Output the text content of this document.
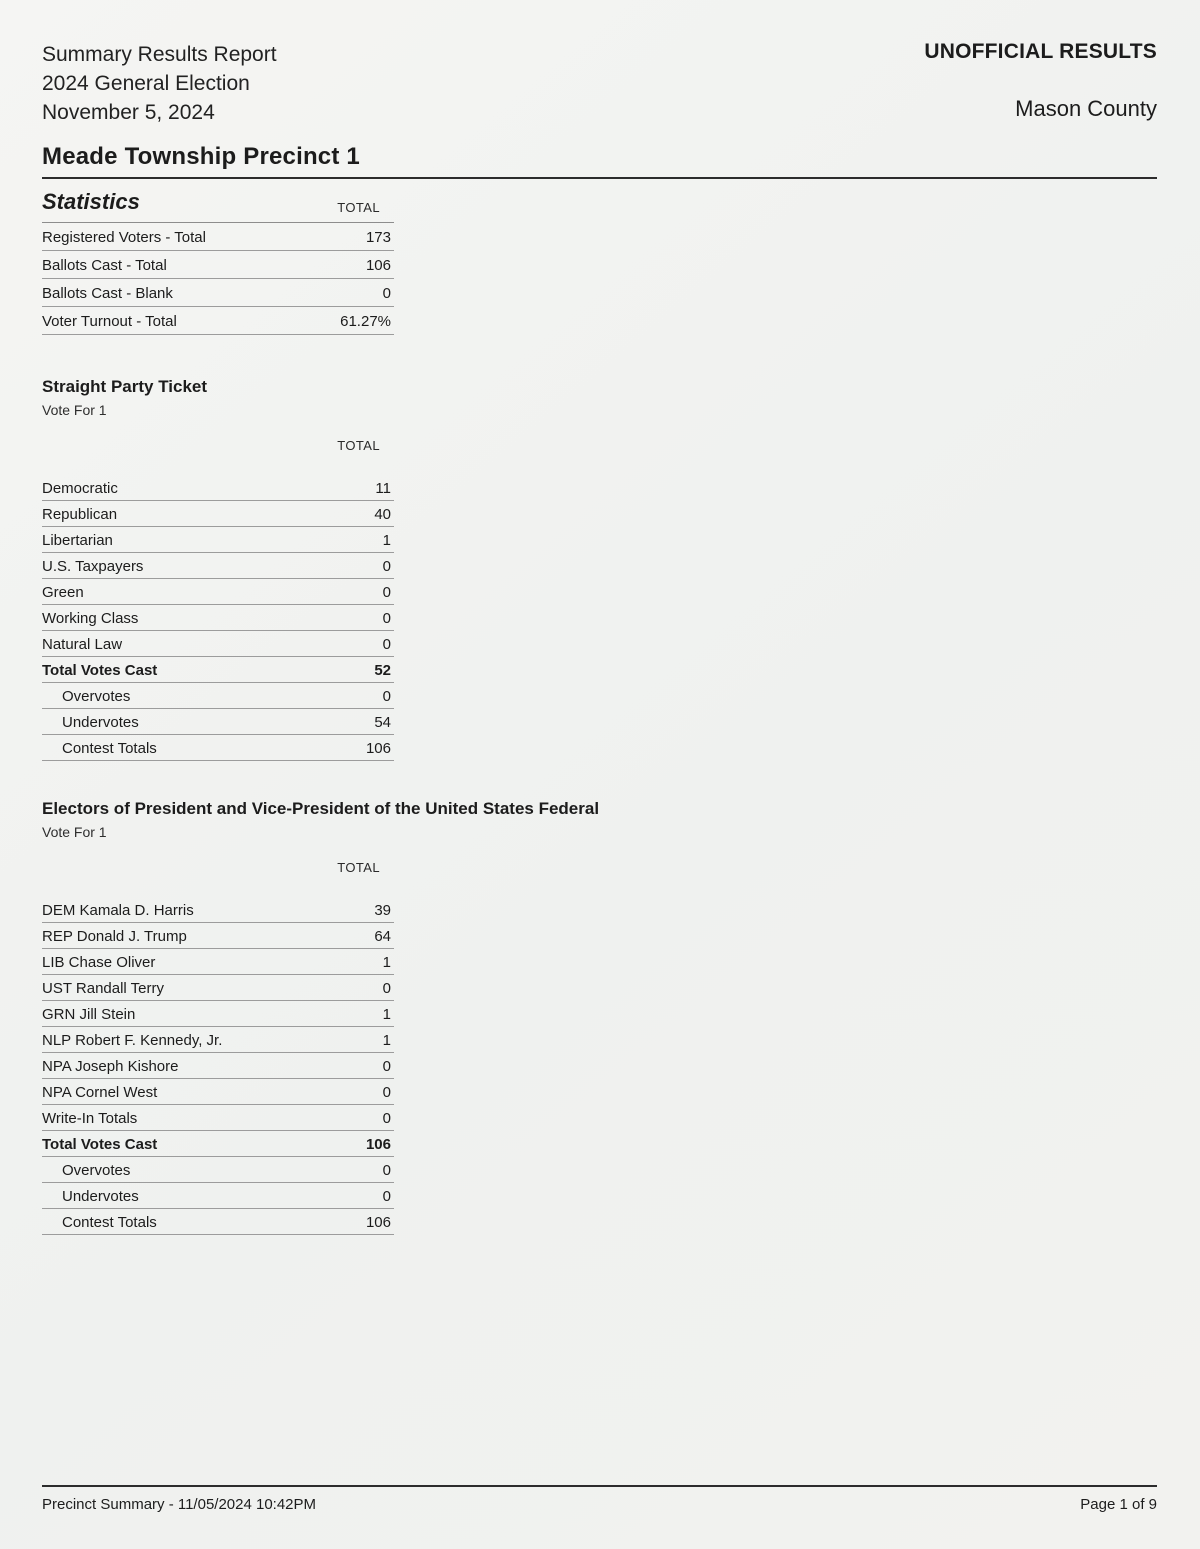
Summary Results Report
2024 General Election
November 5, 2024
UNOFFICIAL RESULTS
Mason County
Meade Township Precinct 1
Statistics	TOTAL
Registered Voters - Total	173
Ballots Cast - Total	106
Ballots Cast - Blank	0
Voter Turnout - Total	61.27%
Straight Party Ticket
Vote For 1
TOTAL
Democratic	11
Republican	40
Libertarian	1
U.S. Taxpayers	0
Green	0
Working Class	0
Natural Law	0
Total Votes Cast	52
Overvotes	0
Undervotes	54
Contest Totals	106
Electors of President and Vice-President of the United States Federal
Vote For 1
TOTAL
DEM Kamala D. Harris	39
REP Donald J. Trump	64
LIB Chase Oliver	1
UST Randall Terry	0
GRN Jill Stein	1
NLP Robert F. Kennedy, Jr.	1
NPA Joseph Kishore	0
NPA Cornel West	0
Write-In Totals	0
Total Votes Cast	106
Overvotes	0
Undervotes	0
Contest Totals	106
Precinct Summary - 11/05/2024 10:42PM	Page 1 of 9
